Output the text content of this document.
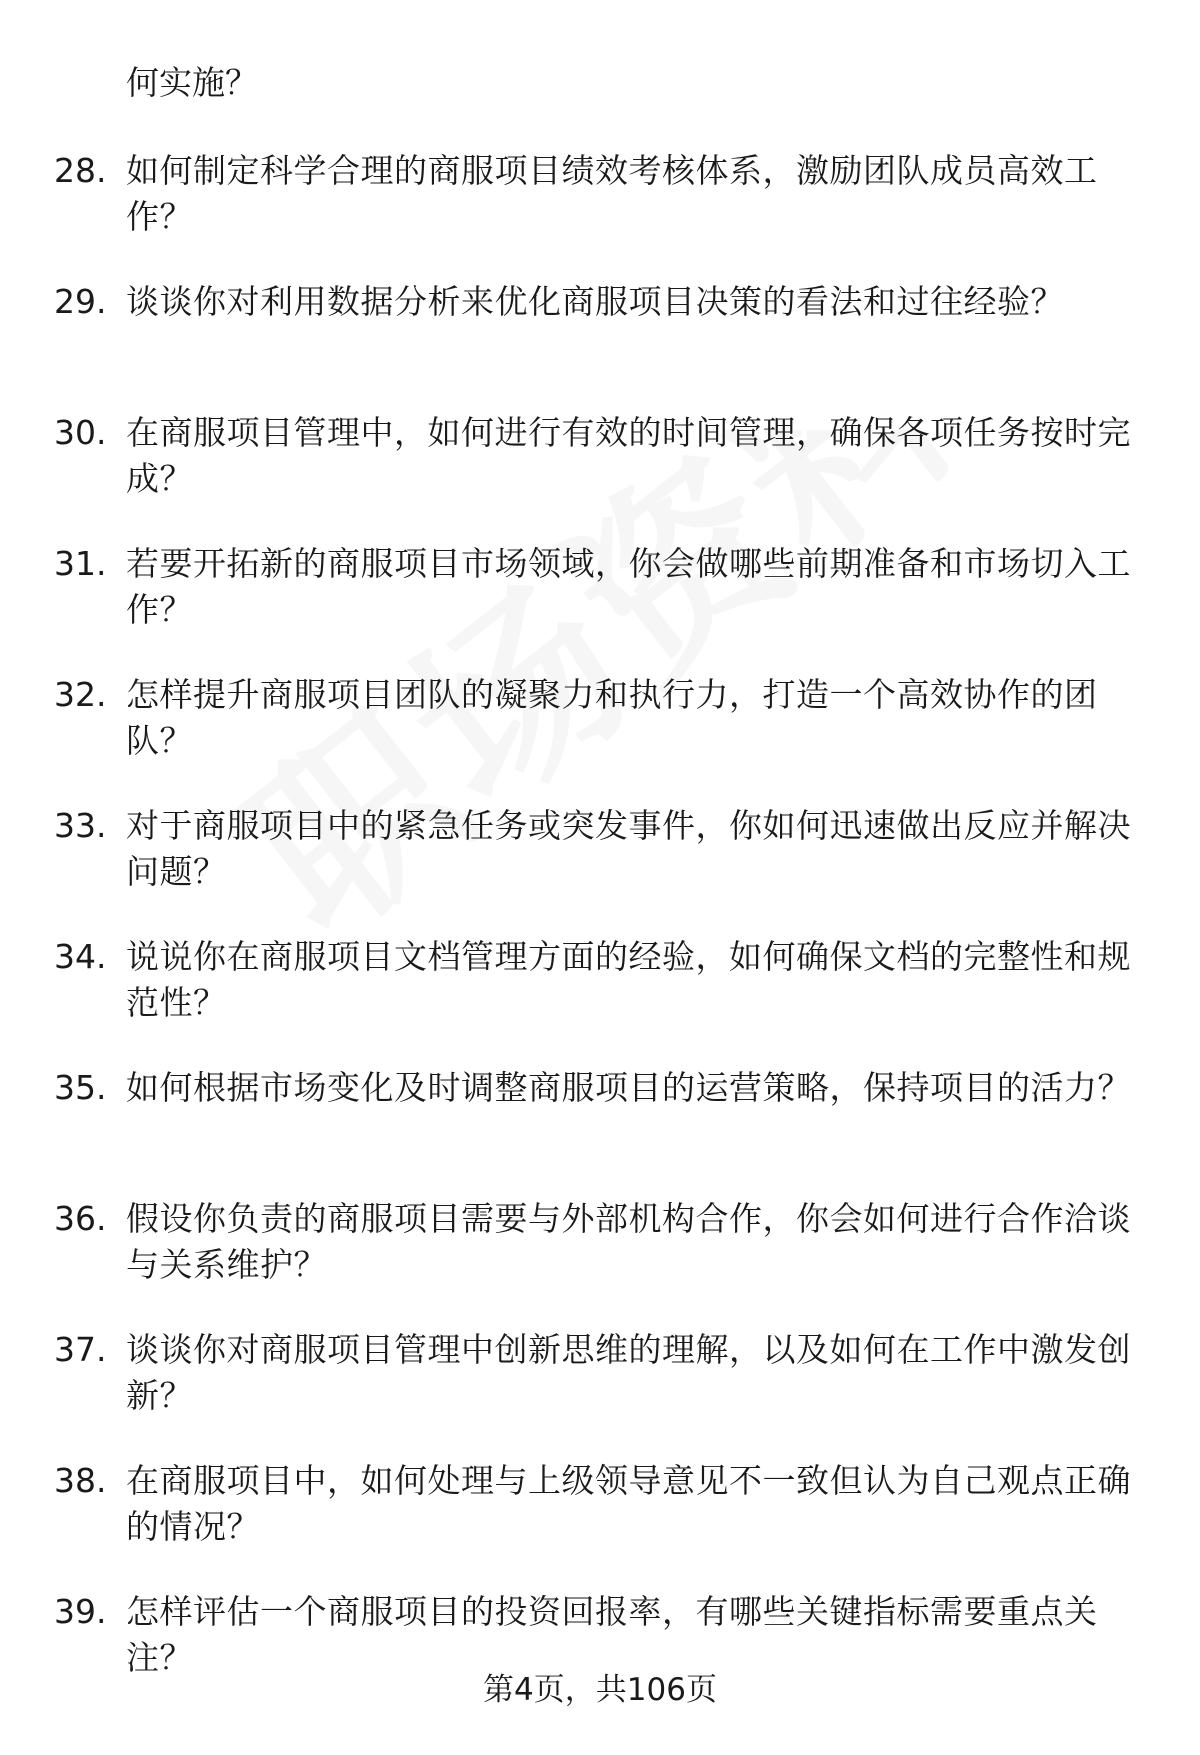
何实施？
28. 如何制定科学合理的商服项目绩效考核体系，激励团队成员高效工作？
29. 谈谈你对利用数据分析来优化商服项目决策的看法和过往经验？
30. 在商服项目管理中，如何进行有效的时间管理，确保各项任务按时完成？
31. 若要开拓新的商服项目市场领域，你会做哪些前期准备和市场切入工作？
32. 怎样提升商服项目团队的凝聚力和执行力，打造一个高效协作的团队？
33. 对于商服项目中的紧急任务或突发事件，你如何迅速做出反应并解决问题？
34. 说说你在商服项目文档管理方面的经验，如何确保文档的完整性和规范性？
35. 如何根据市场变化及时调整商服项目的运营策略，保持项目的活力？
36. 假设你负责的商服项目需要与外部机构合作，你会如何进行合作洽谈与关系维护？
37. 谈谈你对商服项目管理中创新思维的理解，以及如何在工作中激发创新？
38. 在商服项目中，如何处理与上级领导意见不一致但认为自己观点正确的情况？
39. 怎样评估一个商服项目的投资回报率，有哪些关键指标需要重点关注？
第4页，共106页
